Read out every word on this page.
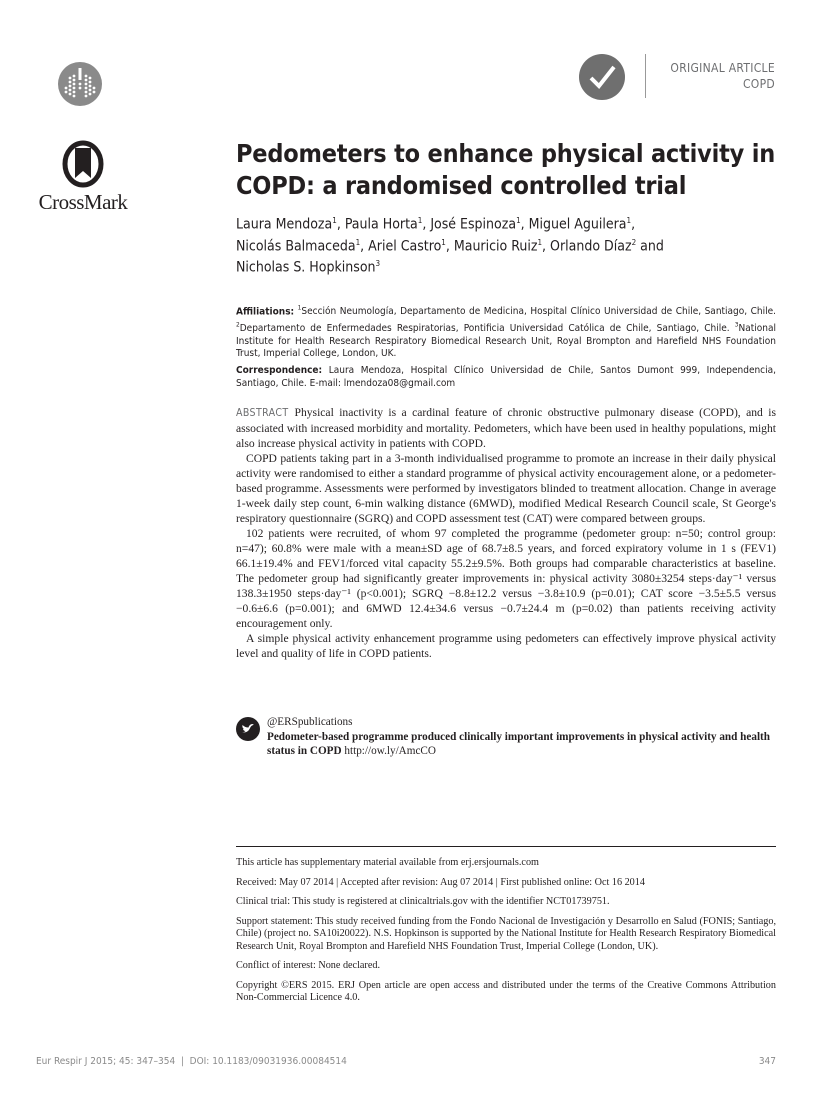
CrossMark
ORIGINAL ARTICLE
COPD
Pedometers to enhance physical activity in COPD: a randomised controlled trial
Laura Mendoza$^1$, Paula Horta$^1$, José Espinoza$^1$, Miguel Aguilera$^1$,
Nicolás Balmaceda$^1$, Ariel Castro$^1$, Mauricio Ruiz$^1$, Orlando Díaz$^2$ and
Nicholas S. Hopkinson$^3$
Affiliations: $^1$Sección Neumología, Departamento de Medicina, Hospital Clínico Universidad de Chile, Santiago, Chile. $^2$Departamento de Enfermedades Respiratorias, Pontificia Universidad Católica de Chile, Santiago, Chile. $^3$National Institute for Health Research Respiratory Biomedical Research Unit, Royal Brompton and Harefield NHS Foundation Trust, Imperial College, London, UK.
Correspondence: Laura Mendoza, Hospital Clínico Universidad de Chile, Santos Dumont 999, Independencia, Santiago, Chile. E-mail: lmendoza08@gmail.com

ABSTRACT Physical inactivity is a cardinal feature of chronic obstructive pulmonary disease (COPD), and is associated with increased morbidity and mortality. Pedometers, which have been used in healthy populations, might also increase physical activity in patients with COPD.

COPD patients taking part in a 3-month individualised programme to promote an increase in their daily physical activity were randomised to either a standard programme of physical activity encouragement alone, or a pedometer-based programme. Assessments were performed by investigators blinded to treatment allocation. Change in average 1-week daily step count, 6-min walking distance (6MWD), modified Medical Research Council scale, St George's respiratory questionnaire (SGRQ) and COPD assessment test (CAT) were compared between groups.

102 patients were recruited, of whom 97 completed the programme (pedometer group: n=50; control group: n=47); 60.8% were male with a mean±SD age of 68.7±8.5 years, and forced expiratory volume in 1 s (FEV1) 66.1±19.4% and FEV1/forced vital capacity 55.2±9.5%. Both groups had comparable characteristics at baseline. The pedometer group had significantly greater improvements in: physical activity 3080±3254 steps·day⁻¹ versus 138.3±1950 steps·day⁻¹ (p<0.001); SGRQ −8.8±12.2 versus −3.8±10.9 (p=0.01); CAT score −3.5±5.5 versus −0.6±6.6 (p=0.001); and 6MWD 12.4±34.6 versus −0.7±24.4 m (p=0.02) than patients receiving activity encouragement only.

A simple physical activity enhancement programme using pedometers can effectively improve physical activity level and quality of life in COPD patients.

@ERSpublications
Pedometer-based programme produced clinically important improvements in physical activity and health status in COPD http://ow.ly/AmcCO

This article has supplementary material available from erj.ersjournals.com

Received: May 07 2014 | Accepted after revision: Aug 07 2014 | First published online: Oct 16 2014

Clinical trial: This study is registered at clinicaltrials.gov with the identifier NCT01739751.

Support statement: This study received funding from the Fondo Nacional de Investigación y Desarrollo en Salud (FONIS; Santiago, Chile) (project no. SA10i20022). N.S. Hopkinson is supported by the National Institute for Health Research Respiratory Biomedical Research Unit, Royal Brompton and Harefield NHS Foundation Trust, Imperial College (London, UK).

Conflict of interest: None declared.

Copyright ©ERS 2015. ERJ Open article are open access and distributed under the terms of the Creative Commons Attribution Non-Commercial Licence 4.0.

Eur Respir J 2015; 45: 347–354  |  DOI: 10.1183/09031936.00084514	347
